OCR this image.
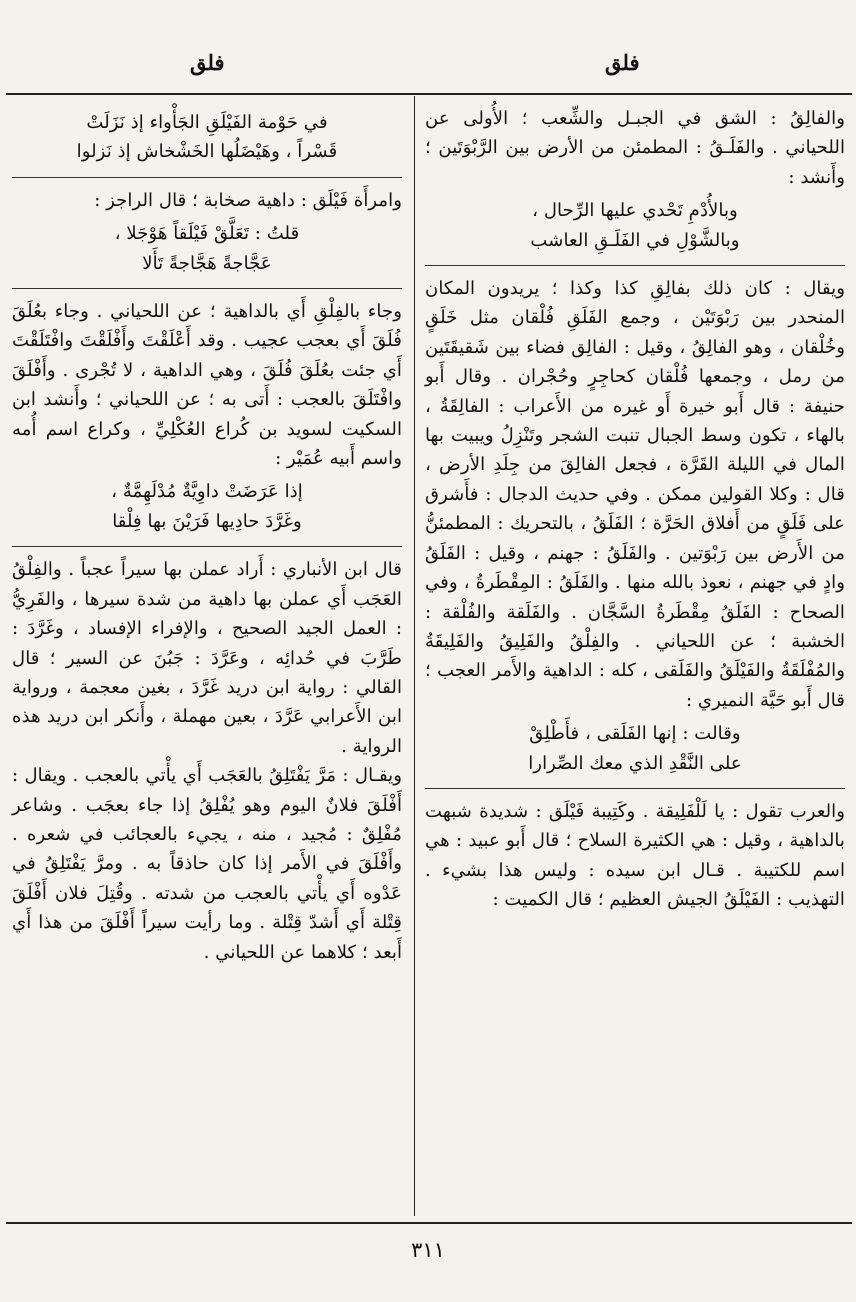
فلق
فلق

والفالِقُ : الشق في الجبـل والشِّعب ؛ الأُولى عن اللحياني . والفَلَـقُ : المطمئن من الأرض بين الرَّبْوَتَين ؛ وأَنشد :

وبالأُدْمِ تَحْدي عليها الرِّحال ،

وبالشَّوْلِ في الفَلَـقِ العاشب

ويقال : كان ذلك بفالِقِ كذا وكذا ؛ يريدون المكان المنحدر بين رَبْوَتَيْن ، وجمع الفَلَقِ فُلْقان مثل خَلَقٍ وخُلْقان ، وهو الفالِقُ ، وقيل : الفالِق فضاء بين شَقيقَتَين من رمل ، وجمعها فُلْقان كحاجِرٍ وحُجْران . وقال أَبو حنيفة : قال أَبو خيرة أَو غيره من الأَعراب : الفالِقَةُ ، بالهاء ، تكون وسط الجبال تنبت الشجر وتَنْزِلُ ويبيت بها المال في الليلة القَرَّة ، فجعل الفالِقَ من جِلَدِ الأرض ، قال : وكلا القولين ممكن . وفي حديث الدجال : فأَشرق على فَلَقٍ من أَفلاق الحَرَّة ؛ الفَلَقُ ، بالتحريك : المطمئنُّ من الأَرض بين رَبْوَتين . والفَلَقُ : جهنم ، وقيل : الفَلَقُ وادٍ في جهنم ، نعوذ بالله منها . والفَلَقُ : المِقْطَرةُ ، وفي الصحاح : الفَلَقُ مِقْطَرةُ السَّجَّان . والفَلَقة والفُلْقة : الخشبة ؛ عن اللحياني . والفِلْقُ والفَلِيقُ والفَلِيقَةُ والمُفْلَقَةُ والفَيْلَقُ والفَلَقى ، كله : الداهية والأَمر العجب ؛ قال أَبو حَيَّة النميري :

وقالت : إنها الفَلَقى ، فأَطْلِقْ

على النَّقْدِ الذي معك الصِّرارا

والعرب تقول : يا لَلْفَلِيقة . وكَتِيبة فَيْلَق : شديدة شبهت بالداهية ، وقيل : هي الكثيرة السلاح ؛ قال أَبو عبيد : هي اسم للكتيبة . قـال ابن سيده : وليس هذا بشيء . التهذيب : الفَيْلَقُ الجيش العظيم ؛ قال الكميت :

في حَوْمة الفَيْلَقِ الجَأْواء إذ نَزَلَتْ

قَسْراً ، وهَيْضَلُها الخَشْخاش إذ نَزلوا

وامرأَة فَيْلَق : داهية صخابة ؛ قال الراجز :

قلتُ : تَعَلَّقْ فَيْلَقاً هَوْجَلا ،

عَجَّاجةً هَجَّاجةً تَأَلا

وجاء بالفِلْقِ أَي بالداهية ؛ عن اللحياني . وجاء بعُلَقَ فُلَقَ أَي بعجب عجيب . وقد أَعْلَقْتَ وأَفْلَقْتَ وافْتَلَقْتَ أَي جئت بعُلَقَ فُلَقَ ، وهي الداهية ، لا تُجْرى . وأَفْلَقَ وافْتَلَقَ بالعجب : أَتى به ؛ عن اللحياني ؛ وأَنشد ابن السكيت لسويد بن كُراع العُكْلِيِّ ، وكراع اسم أُمه واسم أَبيه عُمَيْر :

إذا عَرَضَتْ داوِيَّةٌ مُدْلَهِمَّةٌ ،

وغَرَّدَ حادِيها فَرَيْنَ بها فِلْقا

قال ابن الأنباري : أَراد عملن بها سيراً عجباً . والفِلْقُ العَجَب أَي عملن بها داهية من شدة سيرها ، والفَرِيُّ : العمل الجيد الصحيح ، والإفراء الإفساد ، وغَرَّدَ : طَرَّبَ في حُدائِه ، وعَرَّدَ : جَبُنَ عن السير ؛ قال القالي : رواية ابن دريد غَرَّدَ ، بغين معجمة ، ورواية ابن الأَعرابي عَرَّدَ ، بعين مهملة ، وأَنكر ابن دريد هذه الرواية .

ويقـال : مَرَّ يَفْتَلِقُ بالعَجَب أَي يأْتي بالعجب . ويقال : أَفْلَقَ فلانٌ اليوم وهو يُفْلِقُ إذا جاء بعجَب . وشاعر مُفْلِقٌ : مُجيد ، منه ، يجيء بالعجائب في شعره . وأَفْلَقَ في الأَمر إذا كان حاذقاً به . ومرَّ يَفْتَلِقُ في عَدْوه أَي يأْتي بالعجب من شدته . وقُتِلَ فلان أَفْلَقَ قِتْلة أَي أَشدّ قِتْلة . وما رأيت سيراً أَفْلَقَ من هذا أَي أَبعد ؛ كلاهما عن اللحياني .

٣١١
